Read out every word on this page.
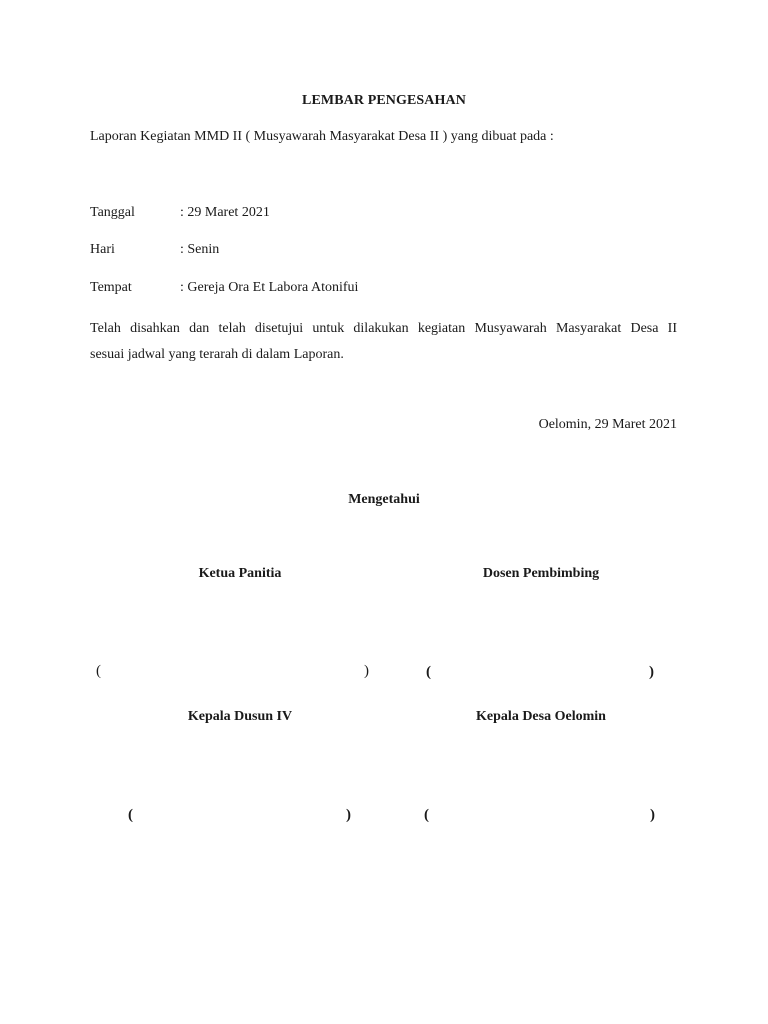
LEMBAR PENGESAHAN
Laporan Kegiatan MMD II ( Musyawarah Masyarakat Desa II ) yang dibuat pada :
Tanggal	: 29 Maret 2021
Hari	: Senin
Tempat	: Gereja Ora Et Labora Atonifui
Telah disahkan dan telah disetujui untuk dilakukan kegiatan Musyawarah Masyarakat Desa II
sesuai jadwal yang terarah di dalam Laporan.
Oelomin, 29 Maret 2021
Mengetahui
Ketua Panitia	Dosen Pembimbing
(	)	(	)
Kepala Dusun IV	Kepala Desa Oelomin
(	)	(	)
